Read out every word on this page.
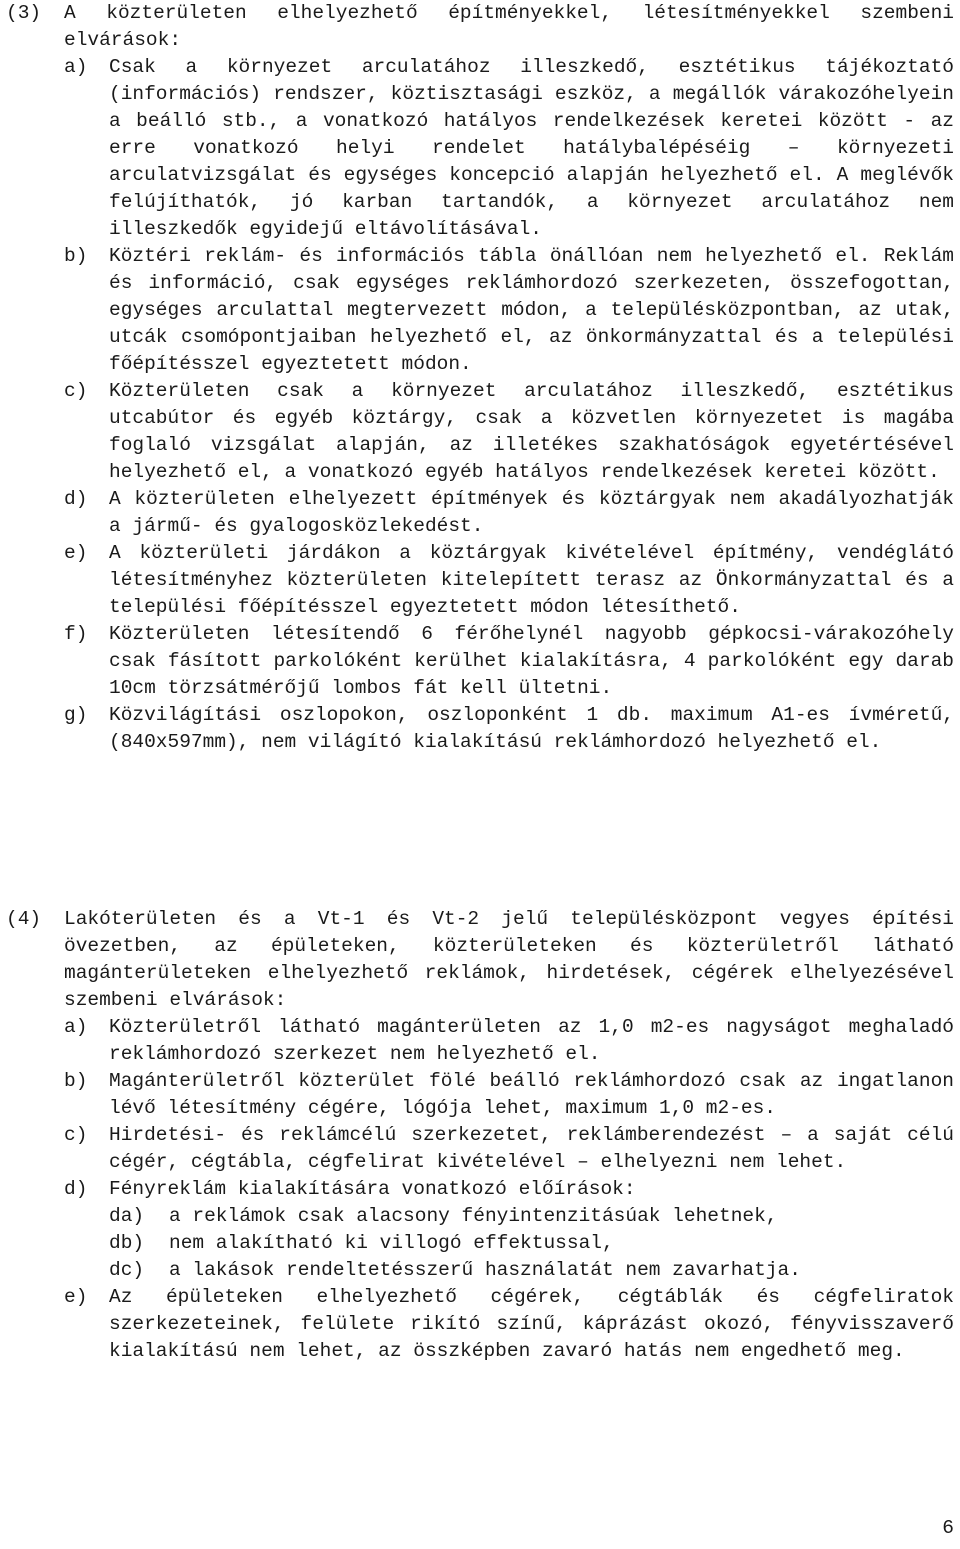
(3) A közterületen elhelyezhető építményekkel, létesítményekkel szembeni elvárások:
a) Csak a környezet arculatához illeszkedő, esztétikus tájékoztató (információs) rendszer, köztisztasági eszköz, a megállók várakozóhelyein a beálló stb., a vonatkozó hatályos rendelkezések keretei között - az erre vonatkozó helyi rendelet hatálybalépéséig – környezeti arculatvizsgálat és egységes koncepció alapján helyezhető el. A meglévők felújíthatók, jó karban tartandók, a környezet arculatához nem illeszkedők egyidejű eltávolításával.
b) Köztéri reklám- és információs tábla önállóan nem helyezhető el. Reklám és információ, csak egységes reklámhordozó szerkezeten, összefogottan, egységes arculattal megtervezett módon, a településközpontban, az utak, utcák csomópontjaiban helyezhető el, az önkormányzattal és a települési főépítésszel egyeztetett módon.
c) Közterületen csak a környezet arculatához illeszkedő, esztétikus utcabútor és egyéb köztárgy, csak a közvetlen környezetet is magába foglaló vizsgálat alapján, az illetékes szakhatóságok egyetértésével helyezhető el, a vonatkozó egyéb hatályos rendelkezések keretei között.
d) A közterületen elhelyezett építmények és köztárgyak nem akadályozhatják a jármű- és gyalogosközlekedést.
e) A közterületi járdákon a köztárgyak kivételével építmény, vendéglátó létesítményhez közterületen kitelepített terasz az Önkormányzattal és a települési főépítésszel egyeztetett módon létesíthető.
f) Közterületen létesítendő 6 férőhelynél nagyobb gépkocsi-várakozóhely csak fásított parkolóként kerülhet kialakításra, 4 parkolóként egy darab 10cm törzsátmérőjű lombos fát kell ültetni.
g) Közvilágítási oszlopokon, oszloponként 1 db. maximum A1-es ívméretű, (840x597mm), nem világító kialakítású reklámhordozó helyezhető el.
(4) Lakóterületen és a Vt-1 és Vt-2 jelű településközpont vegyes építési övezetben, az épületeken, közterületeken és közterületről látható magánterületeken elhelyezhető reklámok, hirdetések, cégérek elhelyezésével szembeni elvárások:
a) Közterületről látható magánterületen az 1,0 m2-es nagyságot meghaladó reklámhordozó szerkezet nem helyezhető el.
b) Magánterületről közterület fölé beálló reklámhordozó csak az ingatlanon lévő létesítmény cégére, lógója lehet, maximum 1,0 m2-es.
c) Hirdetési- és reklámcélú szerkezetet, reklámberendezést – a saját célú cégér, cégtábla, cégfelirat kivételével – elhelyezni nem lehet.
d) Fényreklám kialakítására vonatkozó előírások:
da) a reklámok csak alacsony fényintenzitásúak lehetnek,
db) nem alakítható ki villogó effektussal,
dc) a lakások rendeltetésszerű használatát nem zavarhatja.
e) Az épületeken elhelyezhető cégérek, cégtáblák és cégfeliratok szerkezeteinek, felülete rikító színű, káprázást okozó, fényvisszaverő kialakítású nem lehet, az összképben zavaró hatás nem engedhető meg.
6
